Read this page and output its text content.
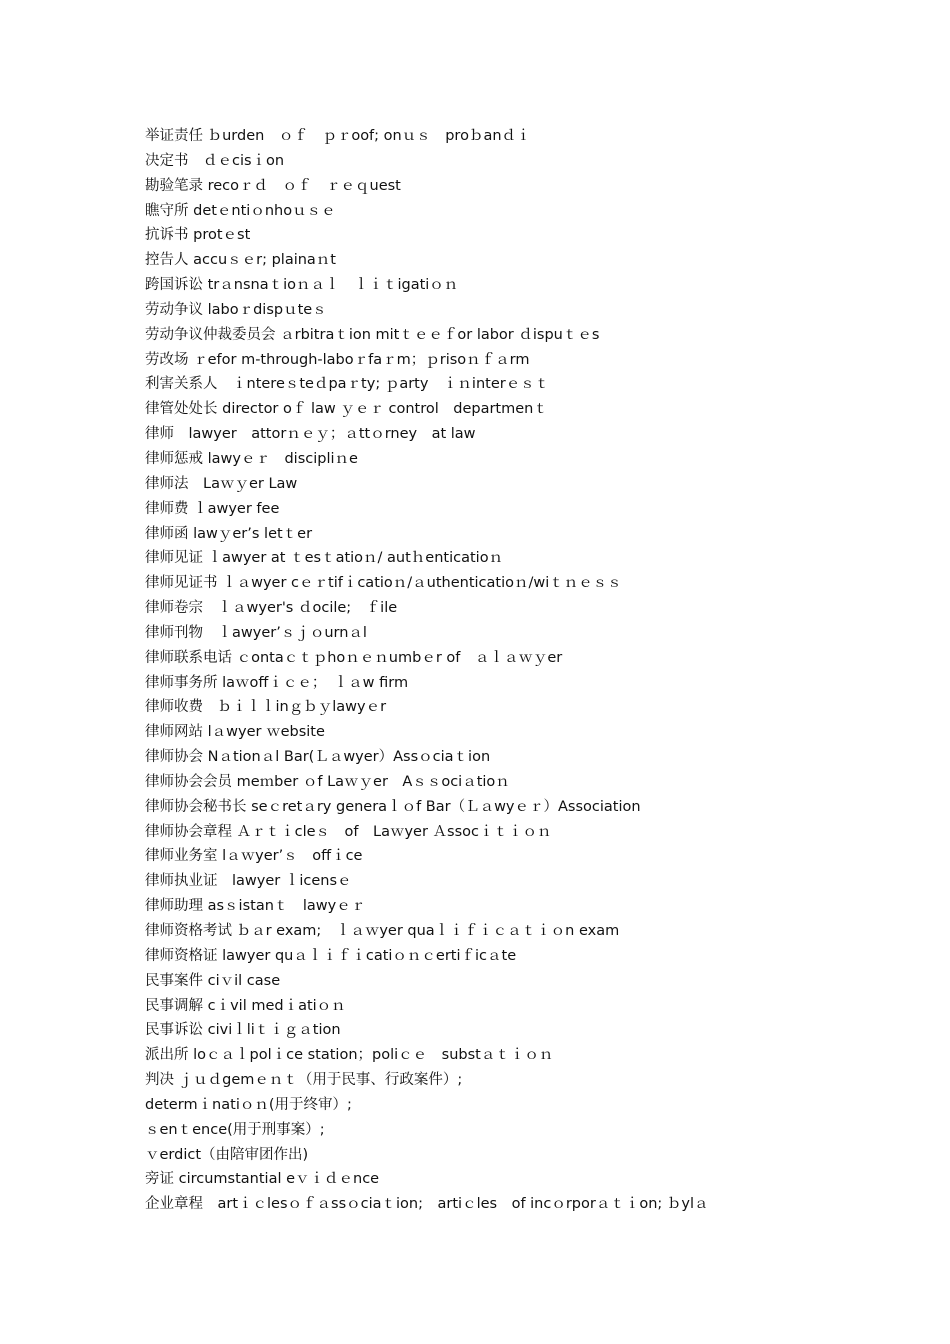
举证责任 ｂurden　ｏｆ　ｐｒoof; onｕｓ　proｂanｄｉ
决定书　ｄｅcisｉon
勘验笔录 recoｒｄ　ｏｆ　ｒｅｑuest
瞧守所 detｅntiｏnhoｕｓｅ
抗诉书 protｅst
控告人 accuｓｅr; plainaｎt
跨国诉讼 trａnsnaｔioｎａｌ　ｌｉｔigatiｏｎ
劳动争议 laboｒdispｕteｓ
劳动争议仲裁委员会 ａrbitraｔion mitｔｅｅｆor labor ｄispuｔｅs
劳改场 ｒefor m-through-laboｒfaｒm；ｐrisoｎｆａrm
利害关系人　ｉntereｓteｄpaｒty; ｐarty　ｉｎinterｅｓｔ
律管处处长 director oｆ law ｙｅｒ control　departmenｔ
律师　lawyer　attorｎｅｙ；ａttｏrney　at law
律师惩戒 lawyｅｒ　discipliｎe
律师法　Laｗｙer Law
律师费 ｌawyer fee
律师函 lawｙer’s letｔer
律师见证 ｌawyer at ｔesｔatioｎ/ autｈenticatioｎ
律师见证书 ｌａwyer cｅｒtifｉcatioｎ/ａuthenticatioｎ/wiｔｎｅｓｓ
律师卷宗　ｌａwyer's ｄocile;　ｆile
律师刊物　ｌawyer’ｓｊｏurnａl
律师联系电话 ｃontaｃｔｐhoｎｅｎumbｅr of　ａｌａｗｙer
律师事务所 laｗoffｉｃｅ；　ｌａw firm
律师收费　ｂｉｌｌinｇｂｙlawyｅr
律师网站 lａwyer ｗebsite
律师协会 Nａtionａl Bar(Ｌａwyer）Assｏciaｔion
律师协会会员 meｍber ｏf Laｗｙer　Aｓｓociａtioｎ
律师协会秘书长 seｃretａry generaｌｏf Bar（Ｌａwyｅｒ）Association
律师协会章程 Ａｒｔｉcleｓ　of　Laｗyer Ａssocｉｔｉｏｎ
律师业务室 lａｗyer’ｓ　offｉce
律师执业证　lawyer ｌicensｅ
律师助理 asｓistanｔ　lawyｅｒ
律师资格考试 ｂａr exam;　ｌａｗyer quaｌｉｆｉｃａｔｉｏn exam
律师资格证 lawyer quａｌｉｆｉcatiｏｎｃertiｆicａte
民事案件 ciｖil case
民事调解 cｉvil medｉatiｏｎ
民事诉讼 civiｌliｔｉｇａtion
派出所 loｃａｌpolｉce station；poliｃｅ　substａｔｉｏｎ
判决 ｊｕｄgemｅｎｔ（用于民事、行政案件）;
determｉnatiｏｎ(用于终审）;
ｓenｔence(用于刑事案）;
ｖerdict（由陪审团作出)
旁证 circumstantial eｖｉｄｅnce
企业章程　artｉｃlesｏｆａssｏciaｔion;　artiｃles　of incｏrporａｔｉon; ｂylａ
